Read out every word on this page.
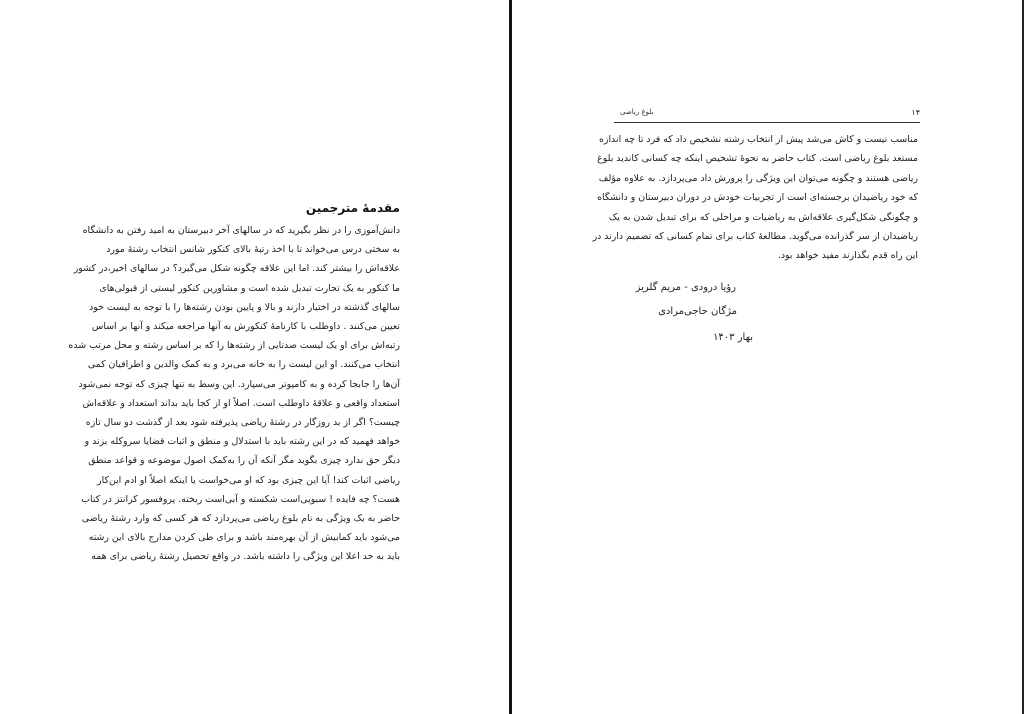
مقدمهٔ مترجمین
دانش‌آموزی را در نظر بگیرید که در سالهای آخر دبیرستان به امید رفتن به دانشگاه
به سختی درس می‌خواند تا با اخذ رتبهٔ بالای کنکور شانس انتخاب رشتهٔ مورد
علاقه‌اش را بیشتر کند. اما این علاقه چگونه شکل می‌گیرد؟ در سالهای اخیر،در کشور
ما کنکور به یک تجارت تبدیل شده است و مشاورین کنکور لیستی از قبولی‌های
سالهای گذشته در اختیار دارند و بالا و پایین بودن رشته‌ها را با توجه به لیست خود
تعیین می‌کنند . داوطلب با کارنامهٔ کنکورش به آنها مراجعه میکند و آنها بر اساس
رتبه‌اش برای او یک لیست صدتایی از رشته‌ها را که بر اساس رشته و محل مرتب شده
انتخاب می‌کنند. او این لیست را به خانه می‌برد و به کمک والدین و اطرافیان کمی
آن‌ها را جابجا کرده و به کامپوتر می‌سپارد. این وسط به تنها چیزی که توجه نمی‌شود
استعداد واقعی و علاقهٔ داوطلب است. اصلاً او از کجا باید بداند استعداد و علاقه‌اش
چیست؟ اگر از بد روزگار در رشتهٔ ریاضی پذیرفته شود بعد از گذشت دو سال تازه
خواهد فهمید که در این رشته باید با استدلال و منطق و اثبات قضایا سروکله بزند و
دیگر حق ندارد چیزی بگوید مگر آنکه آن را به‌کمک اصول موضوعه و قواعد منطق
ریاضی اثبات کند! آیا این چیزی بود که او می‌خواست یا اینکه اصلاً او ادم این‌کار
هست؟ چه فایده ! سبویی‌است شکسته و آبی‌است ریخته. پروفسور کرانتز در کتاب
حاضر به یک ویژگی به نام بلوغ ریاضی می‌پردازد که هر کسی که وارد رشتهٔ ریاضی
می‌شود باید کمابیش از آن بهره‌مند باشد و برای طی کردن مدارج بالای این رشته
باید به حد اعلا این ویژگی را داشته باشد. در واقع تحصیل رشتهٔ ریاضی برای همه
۱۴
بلوغ ریاضی
مناسب نیست و کاش می‌شد پیش از انتخاب رشته تشخیص داد که فرد تا چه اندازه
مستعد بلوغ ریاضی است. کتاب حاضر به نحوهٔ تشخیص اینکه چه کسانی کاندید بلوغ
ریاضی هستند و چگونه می‌توان این ویژگی را پرورش داد می‌پردازد. به علاوه مؤلف
که خود ریاضیدان برجسته‌ای است از تجربیات خودش در دوران دبیرستان و دانشگاه
و چگونگی شکل‌گیری علاقه‌اش به ریاضیات و مراحلی که برای تبدیل شدن به یک
ریاضیدان از سر گذرانده می‌گوید. مطالعهٔ کتاب برای تمام کسانی که تصمیم دارند در
این راه قدم بگذارند مفید خواهد بود.
رؤیا درودی - مریم گلریز
مژگان حاجی‌مرادی
بهار ۱۴۰۳
